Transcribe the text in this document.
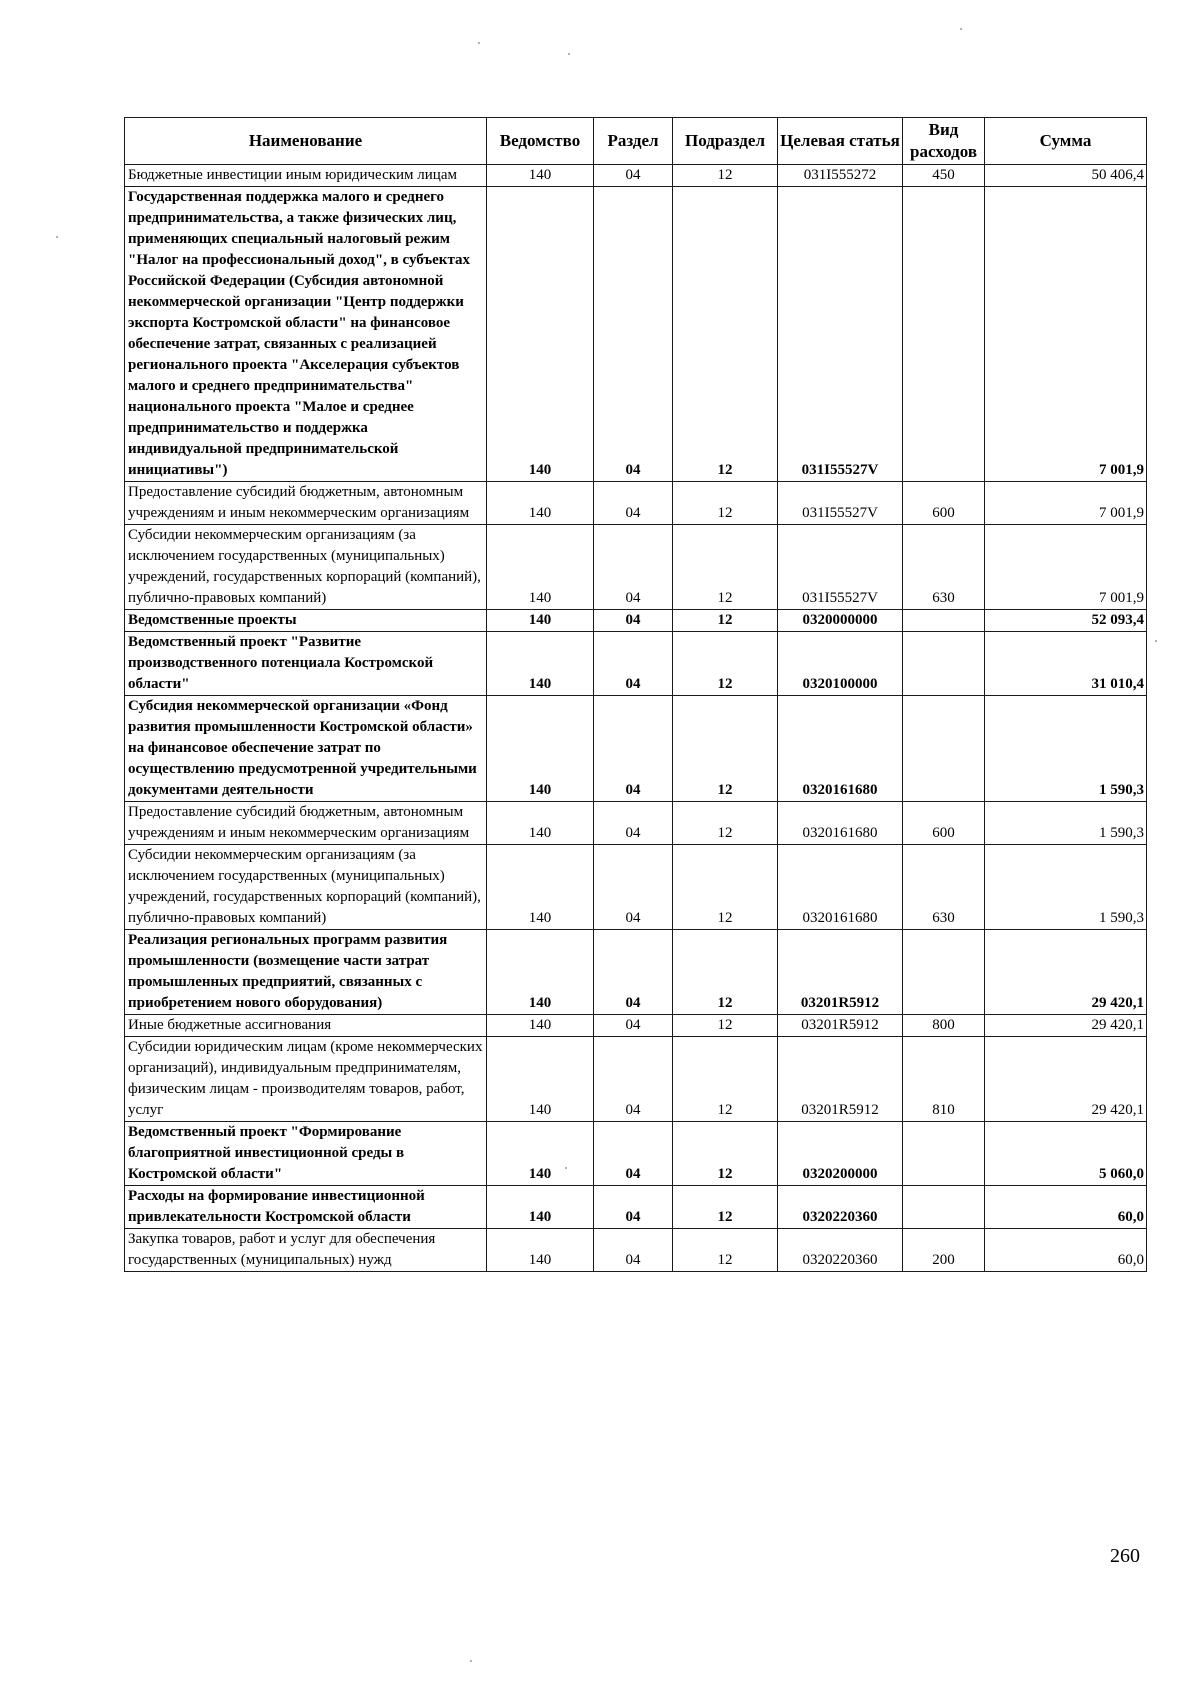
Наименование	Ведомство	Раздел	Подраздел	Целевая статья	Вид расходов	Сумма
Бюджетные инвестиции иным юридическим лицам	140	04	12	031I555272	450	50 406,4
Государственная поддержка малого и среднего предпринимательства, а также физических лиц, применяющих специальный налоговый режим "Налог на профессиональный доход", в субъектах Российской Федерации (Субсидия автономной некоммерческой организации "Центр поддержки экспорта Костромской области" на финансовое обеспечение затрат, связанных с реализацией регионального проекта "Акселерация субъектов малого и среднего предпринимательства" национального проекта "Малое и среднее предпринимательство и поддержка индивидуальной предпринимательской инициативы")	140	04	12	031I55527V		7 001,9
Предоставление субсидий бюджетным, автономным учреждениям и иным некоммерческим организациям	140	04	12	031I55527V	600	7 001,9
Субсидии некоммерческим организациям (за исключением государственных (муниципальных) учреждений, государственных корпораций (компаний), публично-правовых компаний)	140	04	12	031I55527V	630	7 001,9
Ведомственные проекты	140	04	12	0320000000		52 093,4
Ведомственный проект "Развитие производственного потенциала Костромской области"	140	04	12	0320100000		31 010,4
Субсидия некоммерческой организации «Фонд развития промышленности Костромской области» на финансовое обеспечение затрат по осуществлению предусмотренной учредительными документами деятельности	140	04	12	0320161680		1 590,3
Предоставление субсидий бюджетным, автономным учреждениям и иным некоммерческим организациям	140	04	12	0320161680	600	1 590,3
Субсидии некоммерческим организациям (за исключением государственных (муниципальных) учреждений, государственных корпораций (компаний), публично-правовых компаний)	140	04	12	0320161680	630	1 590,3
Реализация региональных программ развития промышленности (возмещение части затрат промышленных предприятий, связанных с приобретением нового оборудования)	140	04	12	03201R5912		29 420,1
Иные бюджетные ассигнования	140	04	12	03201R5912	800	29 420,1
Субсидии юридическим лицам (кроме некоммерческих организаций), индивидуальным предпринимателям, физическим лицам - производителям товаров, работ, услуг	140	04	12	03201R5912	810	29 420,1
Ведомственный проект "Формирование благоприятной инвестиционной среды в Костромской области"	140	04	12	0320200000		5 060,0
Расходы на формирование инвестиционной привлекательности Костромской области	140	04	12	0320220360		60,0
Закупка товаров, работ и услуг для обеспечения государственных (муниципальных) нужд	140	04	12	0320220360	200	60,0
260
